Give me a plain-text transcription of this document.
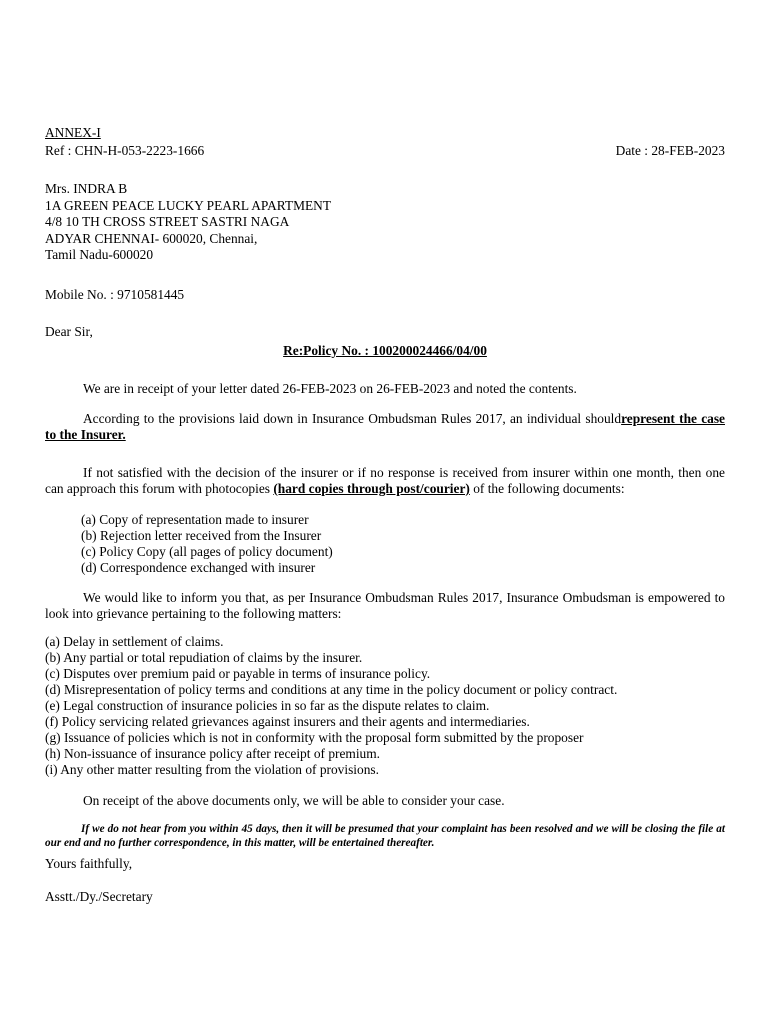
ANNEX-I
Ref : CHN-H-053-2223-1666	Date : 28-FEB-2023
Mrs. INDRA B
1A GREEN PEACE LUCKY PEARL APARTMENT
4/8 10 TH CROSS STREET SASTRI NAGA
ADYAR CHENNAI- 600020, Chennai,
Tamil Nadu-600020
Mobile No. : 9710581445
Dear Sir,
Re:Policy No. : 100200024466/04/00
We are in receipt of your letter dated 26-FEB-2023 on 26-FEB-2023 and noted the contents.
According to the provisions laid down in Insurance Ombudsman Rules 2017, an individual shouldrepresent the case to the Insurer.
If not satisfied with the decision of the insurer or if no response is received from insurer within one month, then one can approach this forum with photocopies (hard copies through post/courier) of the following documents:
(a) Copy of representation made to insurer
(b) Rejection letter received from the Insurer
(c) Policy Copy (all pages of policy document)
(d) Correspondence exchanged with insurer
We would like to inform you that, as per Insurance Ombudsman Rules 2017, Insurance Ombudsman is empowered to look into grievance pertaining to the following matters:
(a) Delay in settlement of claims.
(b) Any partial or total repudiation of claims by the insurer.
(c) Disputes over premium paid or payable in terms of insurance policy.
(d) Misrepresentation of policy terms and conditions at any time in the policy document or policy contract.
(e) Legal construction of insurance policies in so far as the dispute relates to claim.
(f) Policy servicing related grievances against insurers and their agents and intermediaries.
(g) Issuance of policies which is not in conformity with the proposal form submitted by the proposer
(h) Non-issuance of insurance policy after receipt of premium.
(i) Any other matter resulting from the violation of provisions.
On receipt of the above documents only, we will be able to consider your case.
If we do not hear from you within 45 days, then it will be presumed that your complaint has been resolved and we will be closing the file at our end and no further correspondence, in this matter, will be entertained thereafter.
Yours faithfully,
Asstt./Dy./Secretary
